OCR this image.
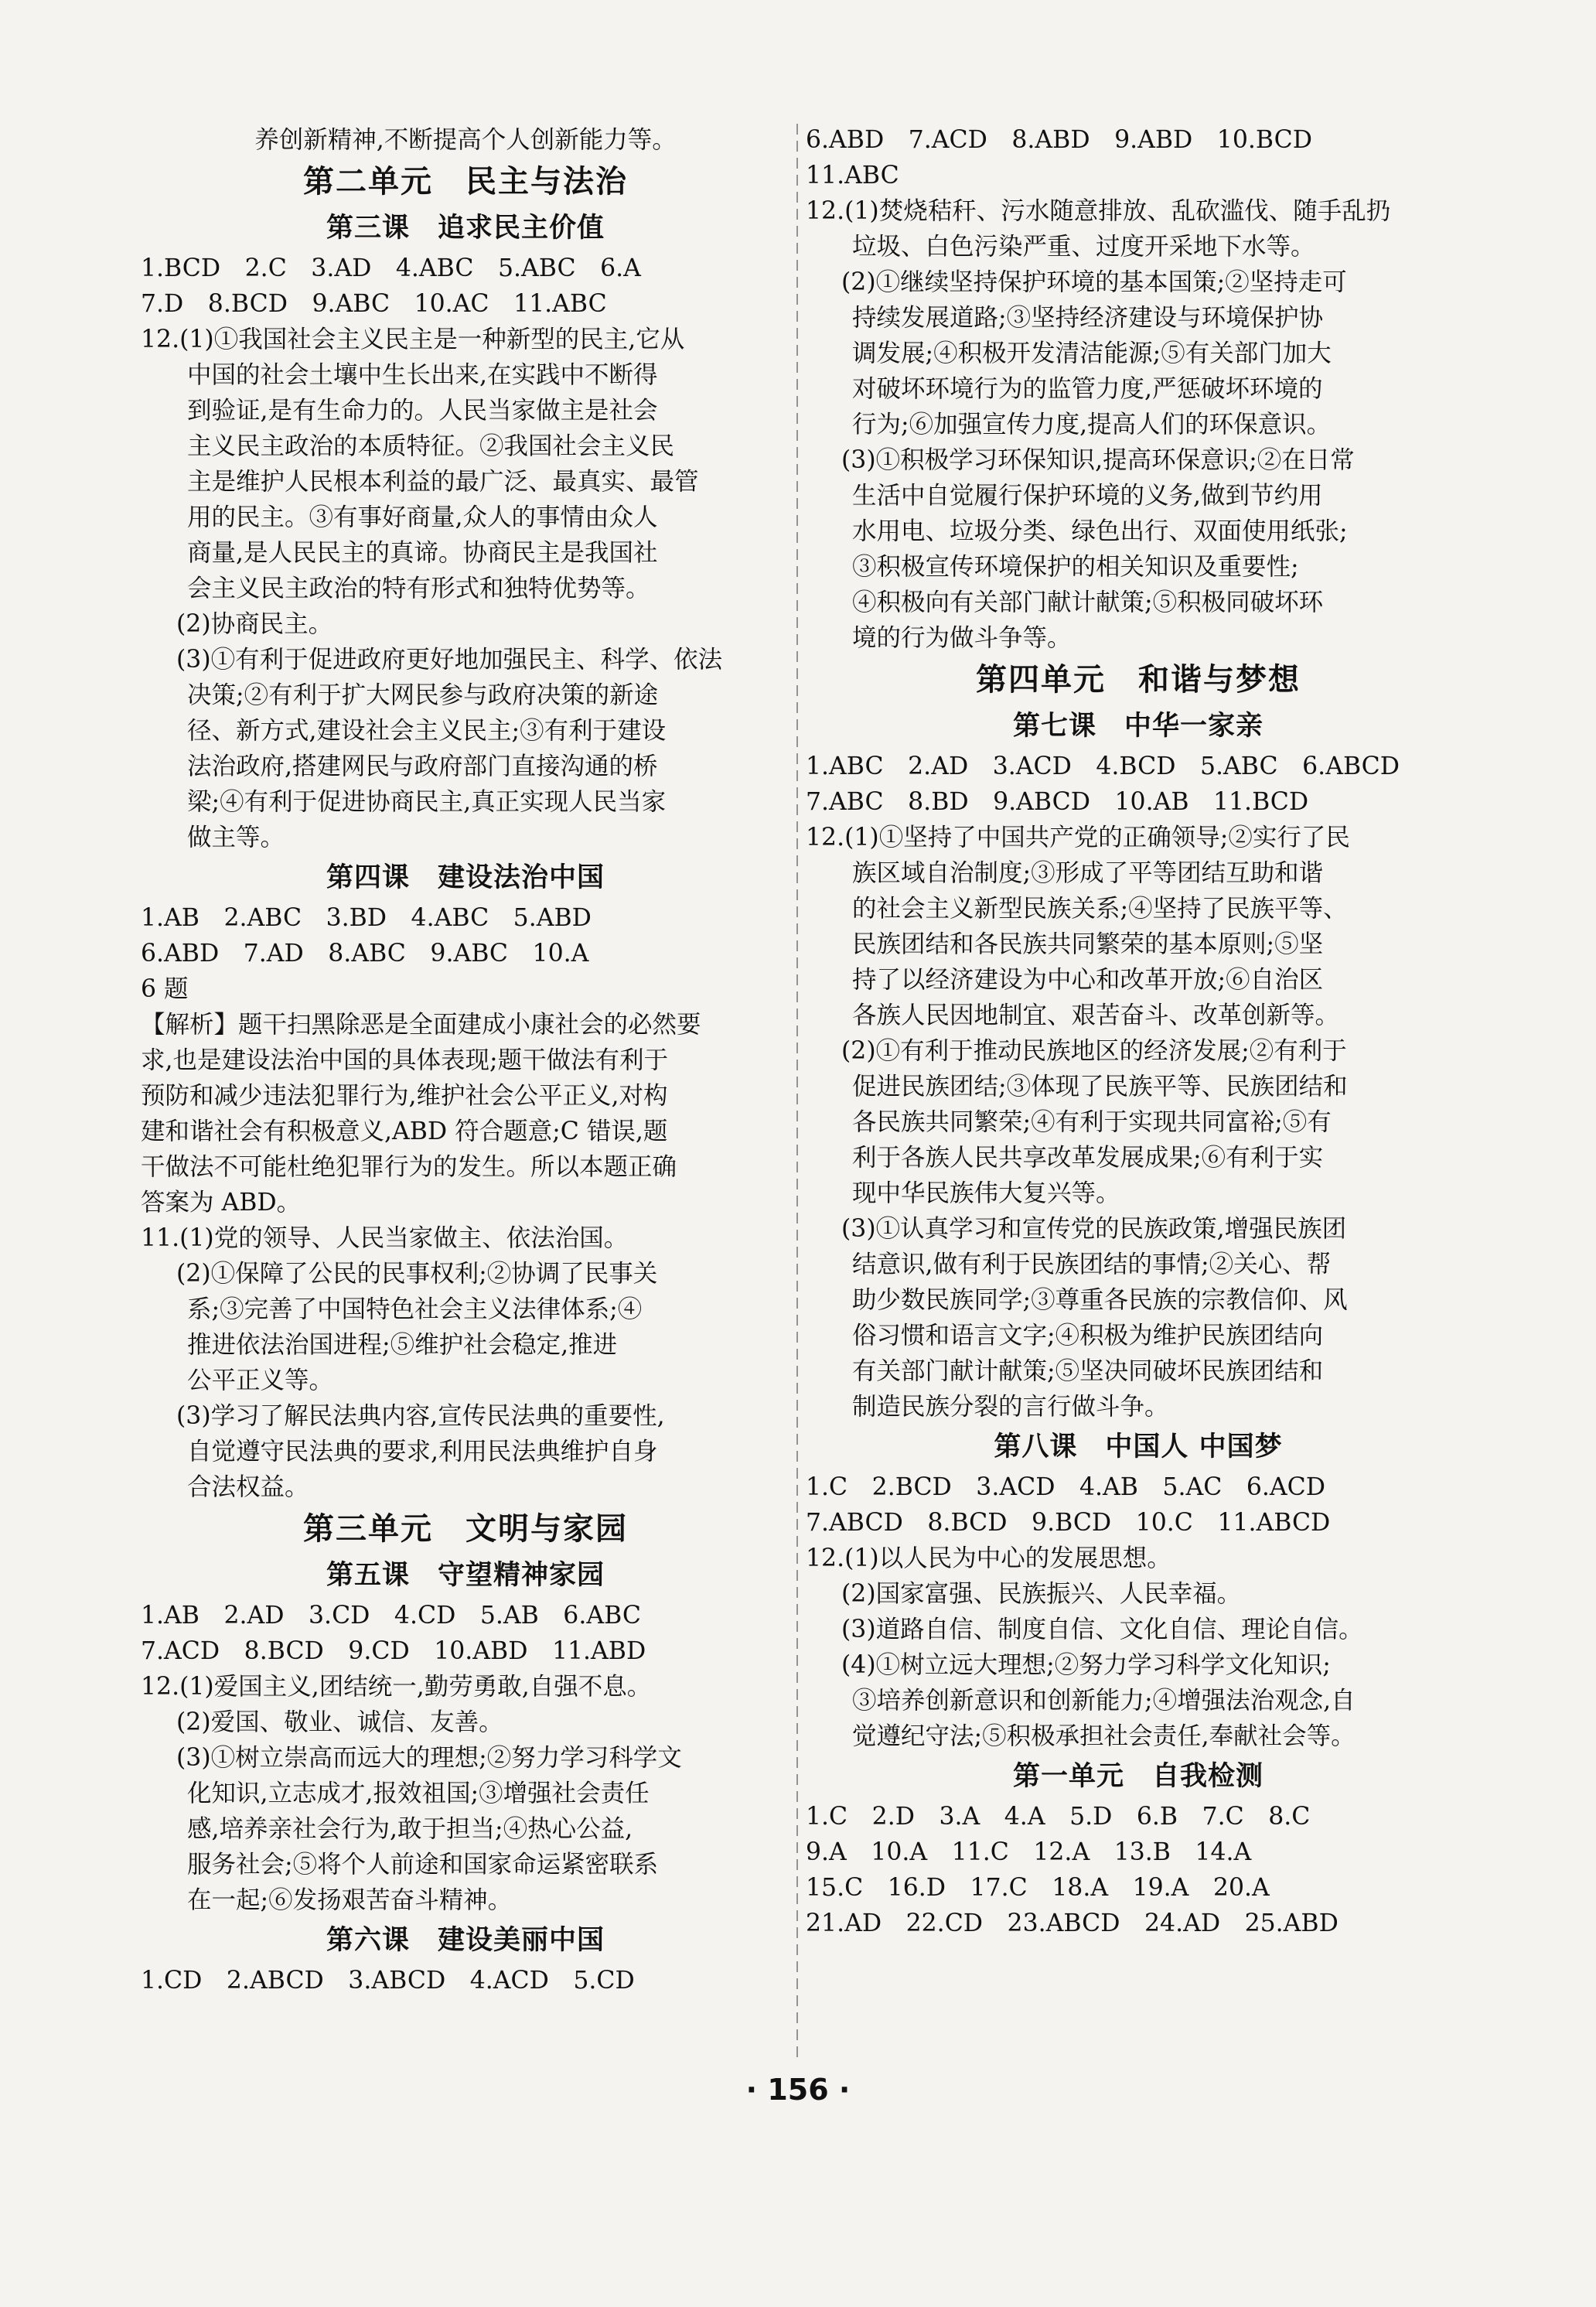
养创新精神,不断提高个人创新能力等。
第二单元　民主与法治
第三课　追求民主价值
1.BCD　2.C　3.AD　4.ABC　5.ABC　6.A
7.D　8.BCD　9.ABC　10.AC　11.ABC
12.(1)①我国社会主义民主是一种新型的民主,它从
中国的社会土壤中生长出来,在实践中不断得
到验证,是有生命力的。人民当家做主是社会
主义民主政治的本质特征。②我国社会主义民
主是维护人民根本利益的最广泛、最真实、最管
用的民主。③有事好商量,众人的事情由众人
商量,是人民民主的真谛。协商民主是我国社
会主义民主政治的特有形式和独特优势等。
(2)协商民主。
(3)①有利于促进政府更好地加强民主、科学、依法
决策;②有利于扩大网民参与政府决策的新途
径、新方式,建设社会主义民主;③有利于建设
法治政府,搭建网民与政府部门直接沟通的桥
梁;④有利于促进协商民主,真正实现人民当家
做主等。
第四课　建设法治中国
1.AB　2.ABC　3.BD　4.ABC　5.ABD
6.ABD　7.AD　8.ABC　9.ABC　10.A
6 题
【解析】题干扫黑除恶是全面建成小康社会的必然要
求,也是建设法治中国的具体表现;题干做法有利于
预防和减少违法犯罪行为,维护社会公平正义,对构
建和谐社会有积极意义,ABD 符合题意;C 错误,题
干做法不可能杜绝犯罪行为的发生。所以本题正确
答案为 ABD。
11.(1)党的领导、人民当家做主、依法治国。
(2)①保障了公民的民事权利;②协调了民事关
系;③完善了中国特色社会主义法律体系;④
推进依法治国进程;⑤维护社会稳定,推进
公平正义等。
(3)学习了解民法典内容,宣传民法典的重要性,
自觉遵守民法典的要求,利用民法典维护自身
合法权益。
第三单元　文明与家园
第五课　守望精神家园
1.AB　2.AD　3.CD　4.CD　5.AB　6.ABC
7.ACD　8.BCD　9.CD　10.ABD　11.ABD
12.(1)爱国主义,团结统一,勤劳勇敢,自强不息。
(2)爱国、敬业、诚信、友善。
(3)①树立崇高而远大的理想;②努力学习科学文
化知识,立志成才,报效祖国;③增强社会责任
感,培养亲社会行为,敢于担当;④热心公益,
服务社会;⑤将个人前途和国家命运紧密联系
在一起;⑥发扬艰苦奋斗精神。
第六课　建设美丽中国
1.CD　2.ABCD　3.ABCD　4.ACD　5.CD
6.ABD　7.ACD　8.ABD　9.ABD　10.BCD
11.ABC
12.(1)焚烧秸秆、污水随意排放、乱砍滥伐、随手乱扔
垃圾、白色污染严重、过度开采地下水等。
(2)①继续坚持保护环境的基本国策;②坚持走可
持续发展道路;③坚持经济建设与环境保护协
调发展;④积极开发清洁能源;⑤有关部门加大
对破坏环境行为的监管力度,严惩破坏环境的
行为;⑥加强宣传力度,提高人们的环保意识。
(3)①积极学习环保知识,提高环保意识;②在日常
生活中自觉履行保护环境的义务,做到节约用
水用电、垃圾分类、绿色出行、双面使用纸张;
③积极宣传环境保护的相关知识及重要性;
④积极向有关部门献计献策;⑤积极同破坏环
境的行为做斗争等。
第四单元　和谐与梦想
第七课　中华一家亲
1.ABC　2.AD　3.ACD　4.BCD　5.ABC　6.ABCD
7.ABC　8.BD　9.ABCD　10.AB　11.BCD
12.(1)①坚持了中国共产党的正确领导;②实行了民
族区域自治制度;③形成了平等团结互助和谐
的社会主义新型民族关系;④坚持了民族平等、
民族团结和各民族共同繁荣的基本原则;⑤坚
持了以经济建设为中心和改革开放;⑥自治区
各族人民因地制宜、艰苦奋斗、改革创新等。
(2)①有利于推动民族地区的经济发展;②有利于
促进民族团结;③体现了民族平等、民族团结和
各民族共同繁荣;④有利于实现共同富裕;⑤有
利于各族人民共享改革发展成果;⑥有利于实
现中华民族伟大复兴等。
(3)①认真学习和宣传党的民族政策,增强民族团
结意识,做有利于民族团结的事情;②关心、帮
助少数民族同学;③尊重各民族的宗教信仰、风
俗习惯和语言文字;④积极为维护民族团结向
有关部门献计献策;⑤坚决同破坏民族团结和
制造民族分裂的言行做斗争。
第八课　中国人 中国梦
1.C　2.BCD　3.ACD　4.AB　5.AC　6.ACD
7.ABCD　8.BCD　9.BCD　10.C　11.ABCD
12.(1)以人民为中心的发展思想。
(2)国家富强、民族振兴、人民幸福。
(3)道路自信、制度自信、文化自信、理论自信。
(4)①树立远大理想;②努力学习科学文化知识;
③培养创新意识和创新能力;④增强法治观念,自
觉遵纪守法;⑤积极承担社会责任,奉献社会等。
第一单元　自我检测
1.C　2.D　3.A　4.A　5.D　6.B　7.C　8.C
9.A　10.A　11.C　12.A　13.B　14.A
15.C　16.D　17.C　18.A　19.A　20.A
21.AD　22.CD　23.ABCD　24.AD　25.ABD
· 156 ·
